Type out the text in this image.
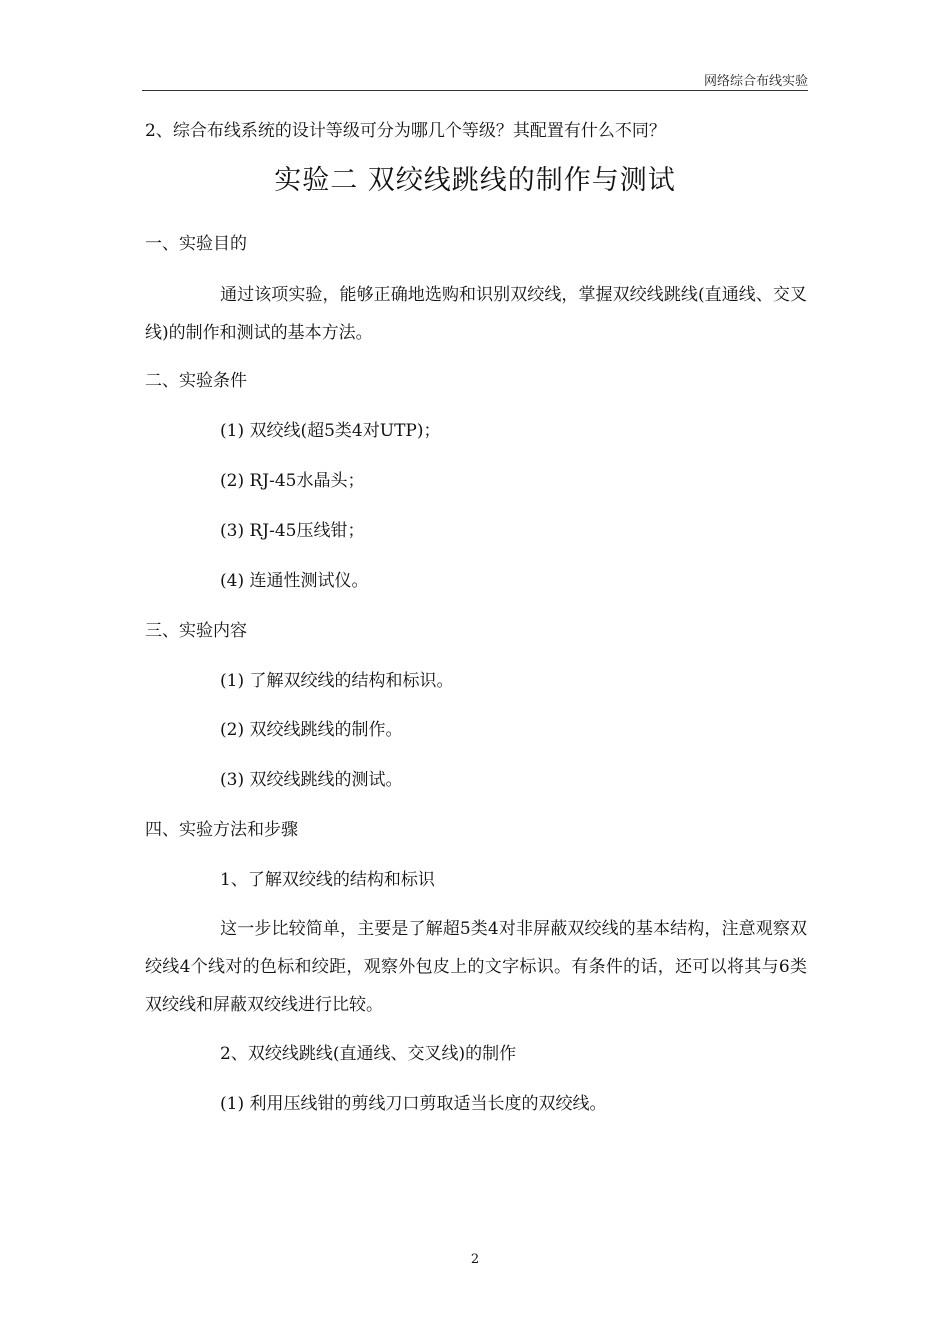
网络综合布线实验
2、综合布线系统的设计等级可分为哪几个等级？其配置有什么不同？
实验二 双绞线跳线的制作与测试
一、实验目的
通过该项实验，能够正确地选购和识别双绞线，掌握双绞线跳线(直通线、交叉线)的制作和测试的基本方法。
二、实验条件
(1) 双绞线(超5类4对UTP)；
(2) RJ-45水晶头；
(3) RJ-45压线钳；
(4) 连通性测试仪。
三、实验内容
(1) 了解双绞线的结构和标识。
(2) 双绞线跳线的制作。
(3) 双绞线跳线的测试。
四、实验方法和步骤
1、了解双绞线的结构和标识
这一步比较简单，主要是了解超5类4对非屏蔽双绞线的基本结构，注意观察双绞线4个线对的色标和绞距，观察外包皮上的文字标识。有条件的话，还可以将其与6类双绞线和屏蔽双绞线进行比较。
2、双绞线跳线(直通线、交叉线)的制作
(1) 利用压线钳的剪线刀口剪取适当长度的双绞线。
2
